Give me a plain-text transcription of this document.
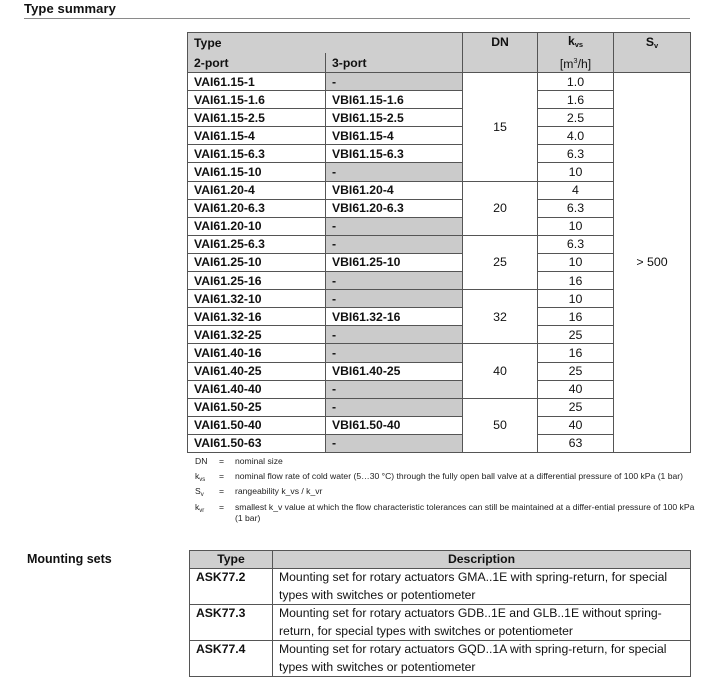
Type summary
Type		DN	$k_{vs}$	$S_v$
2-port	3-port		$[m^3/h]$	
VAI61.15-1	-	15	1.0	> 500
VAI61.15-1.6	VBI61.15-1.6		1.6	
VAI61.15-2.5	VBI61.15-2.5		2.5	
VAI61.15-4	VBI61.15-4		4.0	
VAI61.15-6.3	VBI61.15-6.3		6.3	
VAI61.15-10	-		10	
VAI61.20-4	VBI61.20-4	20	4	
VAI61.20-6.3	VBI61.20-6.3		6.3	
VAI61.20-10	-		10	
VAI61.25-6.3	-	25	6.3	
VAI61.25-10	VBI61.25-10		10	
VAI61.25-16	-		16	
VAI61.32-10	-	32	10	
VAI61.32-16	VBI61.32-16		16	
VAI61.32-25	-		25	
VAI61.40-16	-	40	16	
VAI61.40-25	VBI61.40-25		25	
VAI61.40-40	-		40	
VAI61.50-25	-	50	25	
VAI61.50-40	VBI61.50-40		40	
VAI61.50-63	-		63	
DN	=	nominal size
$k_{vs}$	=	nominal flow rate of cold water (5…30 °C) through the fully open ball valve at a differential pressure of 100 kPa (1 bar)
$S_v$	=	rangeability k_vs / k_vr
$k_{vr}$	=	smallest k_v value at which the flow characteristic tolerances can still be maintained at a differ-ential pressure of 100 kPa (1 bar)
Mounting sets	Type	Description
ASK77.2	Mounting set for rotary actuators GMA..1E with spring-return, for special types with switches or potentiometer
ASK77.3	Mounting set for rotary actuators GDB..1E and GLB..1E without spring-return, for special types with switches or potentiometer
ASK77.4	Mounting set for rotary actuators GQD..1A with spring-return, for special types with switches or potentiometer
